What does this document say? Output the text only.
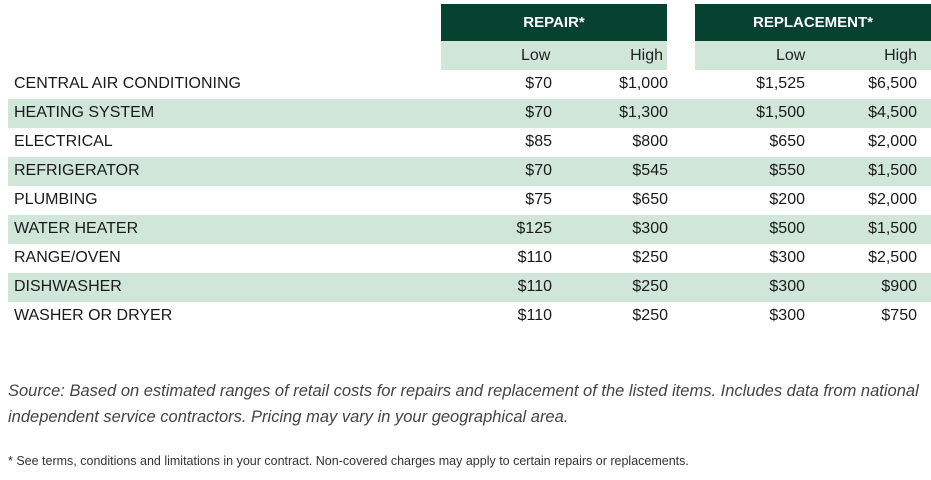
REPAIR*	REPLACEMENT*
Low	High	Low	High
CENTRAL AIR CONDITIONING	$70	$1,000	$1,525	$6,500
HEATING SYSTEM	$70	$1,300	$1,500	$4,500
ELECTRICAL	$85	$800	$650	$2,000
REFRIGERATOR	$70	$545	$550	$1,500
PLUMBING	$75	$650	$200	$2,000
WATER HEATER	$125	$300	$500	$1,500
RANGE/OVEN	$110	$250	$300	$2,500
DISHWASHER	$110	$250	$300	$900
WASHER OR DRYER	$110	$250	$300	$750
Source: Based on estimated ranges of retail costs for repairs and replacement of the listed items. Includes data from national independent service contractors. Pricing may vary in your geographical area.
* See terms, conditions and limitations in your contract. Non-covered charges may apply to certain repairs or replacements.
